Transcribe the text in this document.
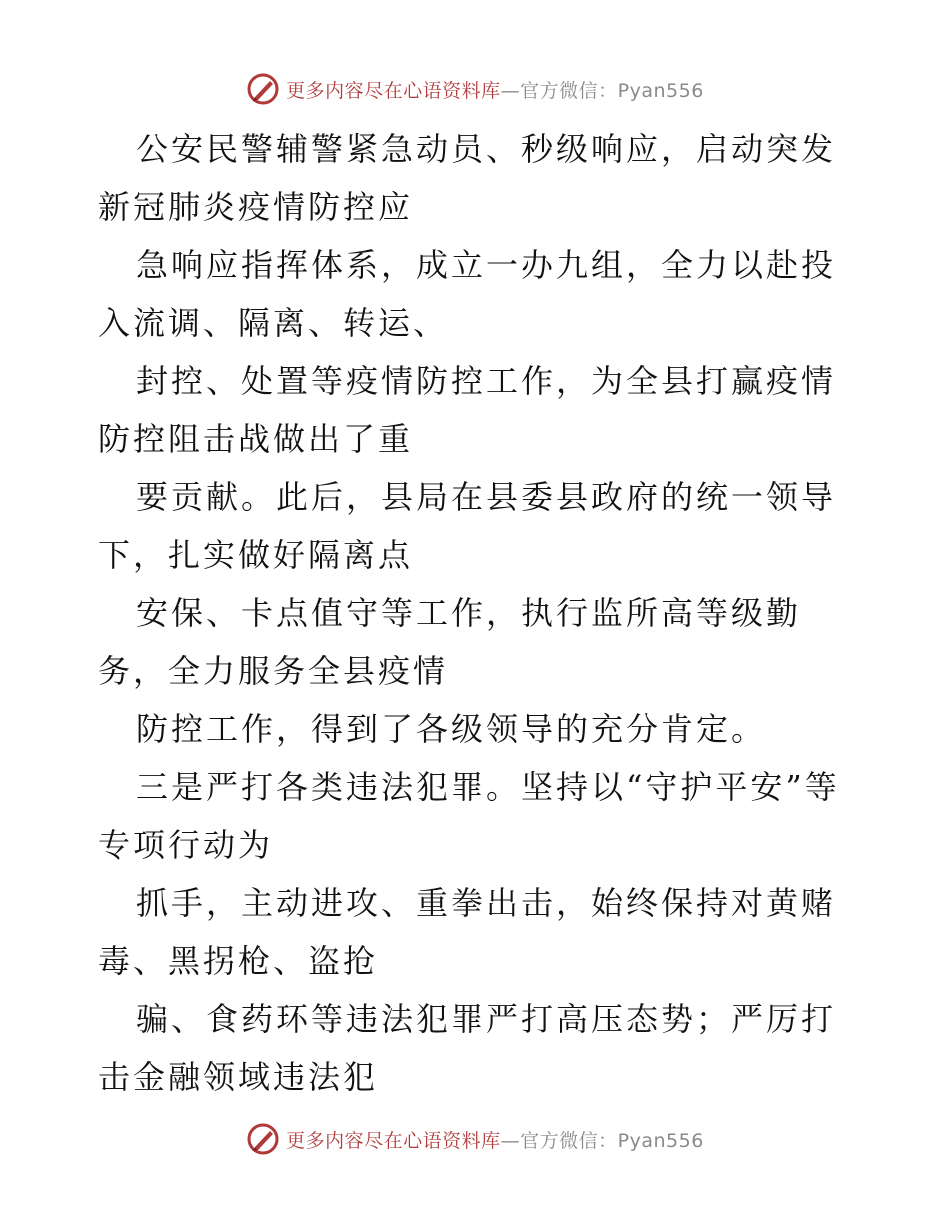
更多内容尽在心语资料库—官方微信：Pyan556

公安民警辅警紧急动员、秒级响应，启动突发新冠肺炎疫情防控应

急响应指挥体系，成立一办九组，全力以赴投入流调、隔离、转运、

封控、处置等疫情防控工作，为全县打赢疫情防控阻击战做出了重

要贡献。此后，县局在县委县政府的统一领导下，扎实做好隔离点

安保、卡点值守等工作，执行监所高等级勤务，全力服务全县疫情

防控工作，得到了各级领导的充分肯定。

三是严打各类违法犯罪。坚持以“守护平安”等专项行动为

抓手，主动进攻、重拳出击，始终保持对黄赌毒、黑拐枪、盗抢

骗、食药环等违法犯罪严打高压态势；严厉打击金融领域违法犯

更多内容尽在心语资料库—官方微信：Pyan556
